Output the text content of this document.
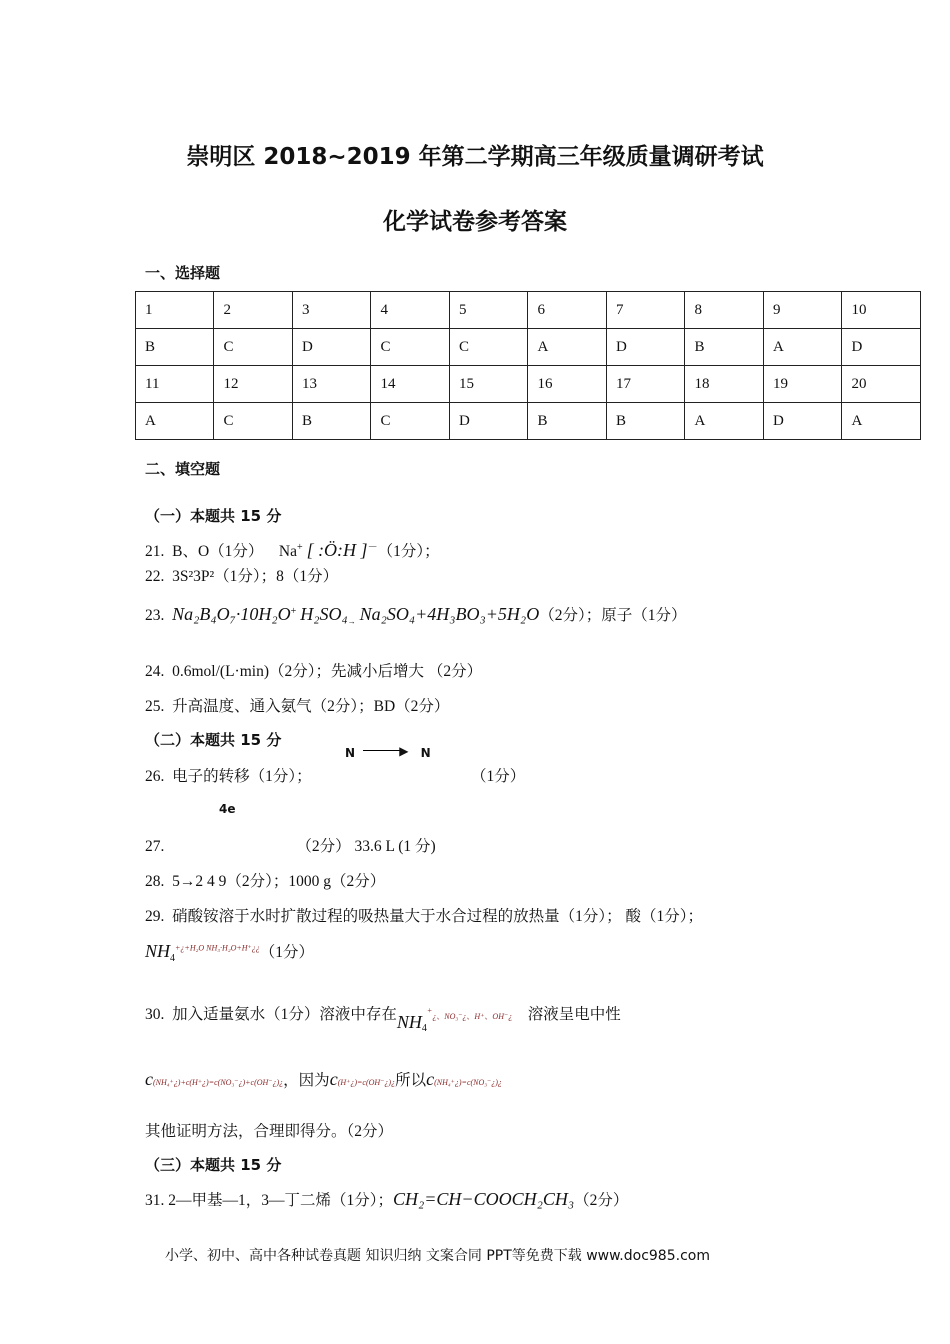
崇明区 2018~2019 年第二学期高三年级质量调研考试
化学试卷参考答案
一、选择题
1	2	3	4	5	6	7	8	9	10
B	C	D	C	C	A	D	B	A	D
11	12	13	14	15	16	17	18	19	20
A	C	B	C	D	B	B	A	D	A
二、填空题
（一）本题共 15 分
21. B、O（1分） Na+ [ :Ö:H ]－（1分）；
22. 3S²3P²（1分）；8（1分）
23. Na₂B₄O₇·10H₂O+ $H_2SO_4_\to$ Na₂SO₄+4H₃BO₃+5H₂O（2分）；原子（1分）
24. 0.6mol/(L·min)（2分）；先减小后增大 （2分）
25. 升高温度、通入氨气（2分）；BD（2分）
（二）本题共 15 分
26. 电子的转移（1分）；
N	▶ N
（1分）
4e
27.	（2分） 33.6 L (1 分)
28. 5→2 4 9（2分）；1000 g（2分）
29. 硝酸铵溶于水时扩散过程的吸热量大于水合过程的放热量（1分）； 酸（1分）；
$NH_4^{+¿+H_2O NH_3\cdot H_2O+H^+¿¿}(1$分）
30. 加入适量氨水（1分）溶液中存在$NH_4^+¿$、NO₃⁻¿、H⁺、OH⁻¿ 溶液呈电中性
c(NH₄⁺¿)+c(H⁺¿)=c(NO₃⁻¿)+c(OH⁻¿)¿，因为c(H⁺¿)=c(OH⁻¿)¿所以c(NH₄⁺¿)=c(NO₃⁻¿)¿
其他证明方法，合理即得分。（2分）
（三）本题共 15 分
31. 2—甲基—1，3—丁二烯（1分）；CH₂=CH−COOCH₂CH₃（2分）
小学、初中、高中各种试卷真题 知识归纳 文案合同 PPT等免费下载 www.doc985.com
